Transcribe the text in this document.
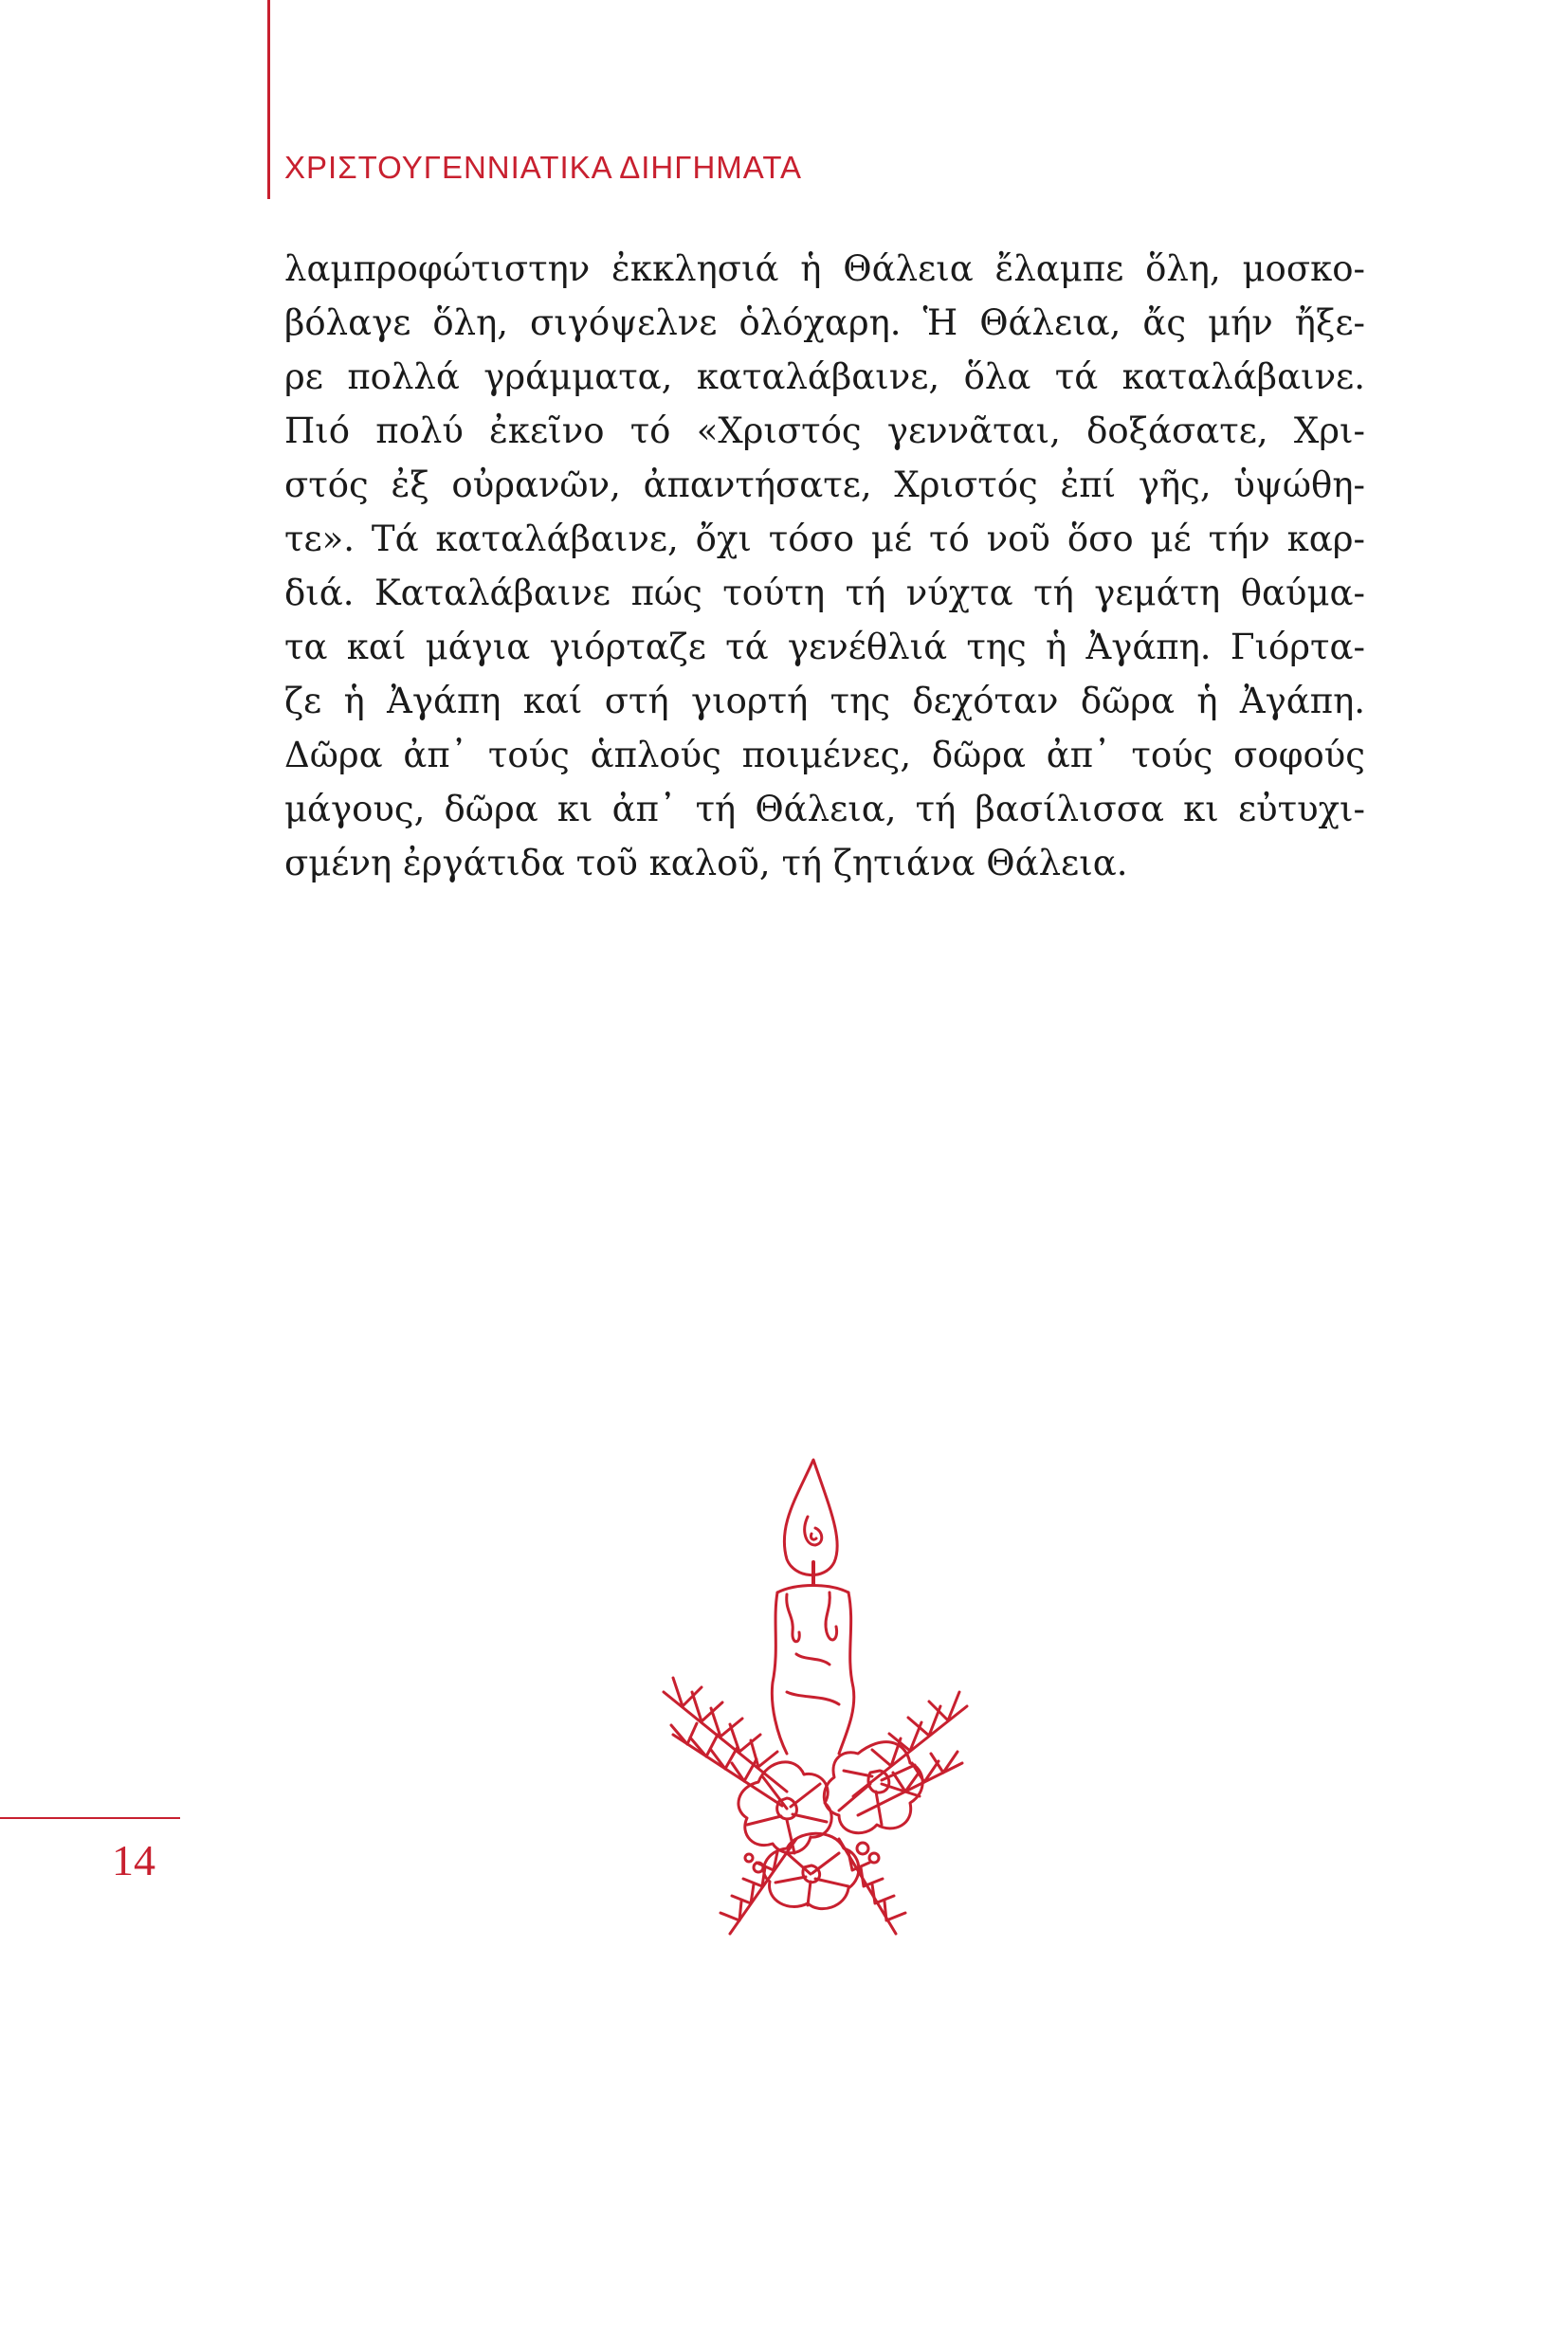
ΧΡΙΣΤΟΥΓΕΝΝΙΑΤΙΚΑ ΔΙΗΓΗΜΑΤΑ
λαμπροφώτιστην ἐκκλησιά ἡ Θάλεια ἔλαμπε ὅλη, μοσκο-
βόλαγε ὅλη, σιγόψελνε ὁλόχαρη. Ἡ Θάλεια, ἄς μήν ἤξε-
ρε πολλά γράμματα, καταλάβαινε, ὅλα τά καταλάβαινε.
Πιό πολύ ἐκεῖνο τό «Χριστός γεννᾶται, δοξάσατε, Χρι-
στός ἐξ οὐρανῶν, ἀπαντήσατε, Χριστός ἐπί γῆς, ὑψώθη-
τε». Τά καταλάβαινε, ὄχι τόσο μέ τό νοῦ ὅσο μέ τήν καρ-
διά. Καταλάβαινε πώς τούτη τή νύχτα τή γεμάτη θαύμα-
τα καί μάγια γιόρταζε τά γενέθλιά της ἡ Ἀγάπη. Γιόρτα-
ζε ἡ Ἀγάπη καί στή γιορτή της δεχόταν δῶρα ἡ Ἀγάπη.
Δῶρα ἀπ᾿ τούς ἁπλούς ποιμένες, δῶρα ἀπ᾿ τούς σοφούς
μάγους, δῶρα κι ἀπ᾿ τή Θάλεια, τή βασίλισσα κι εὐτυχι-
σμένη ἐργάτιδα τοῦ καλοῦ, τή ζητιάνα Θάλεια.
14
